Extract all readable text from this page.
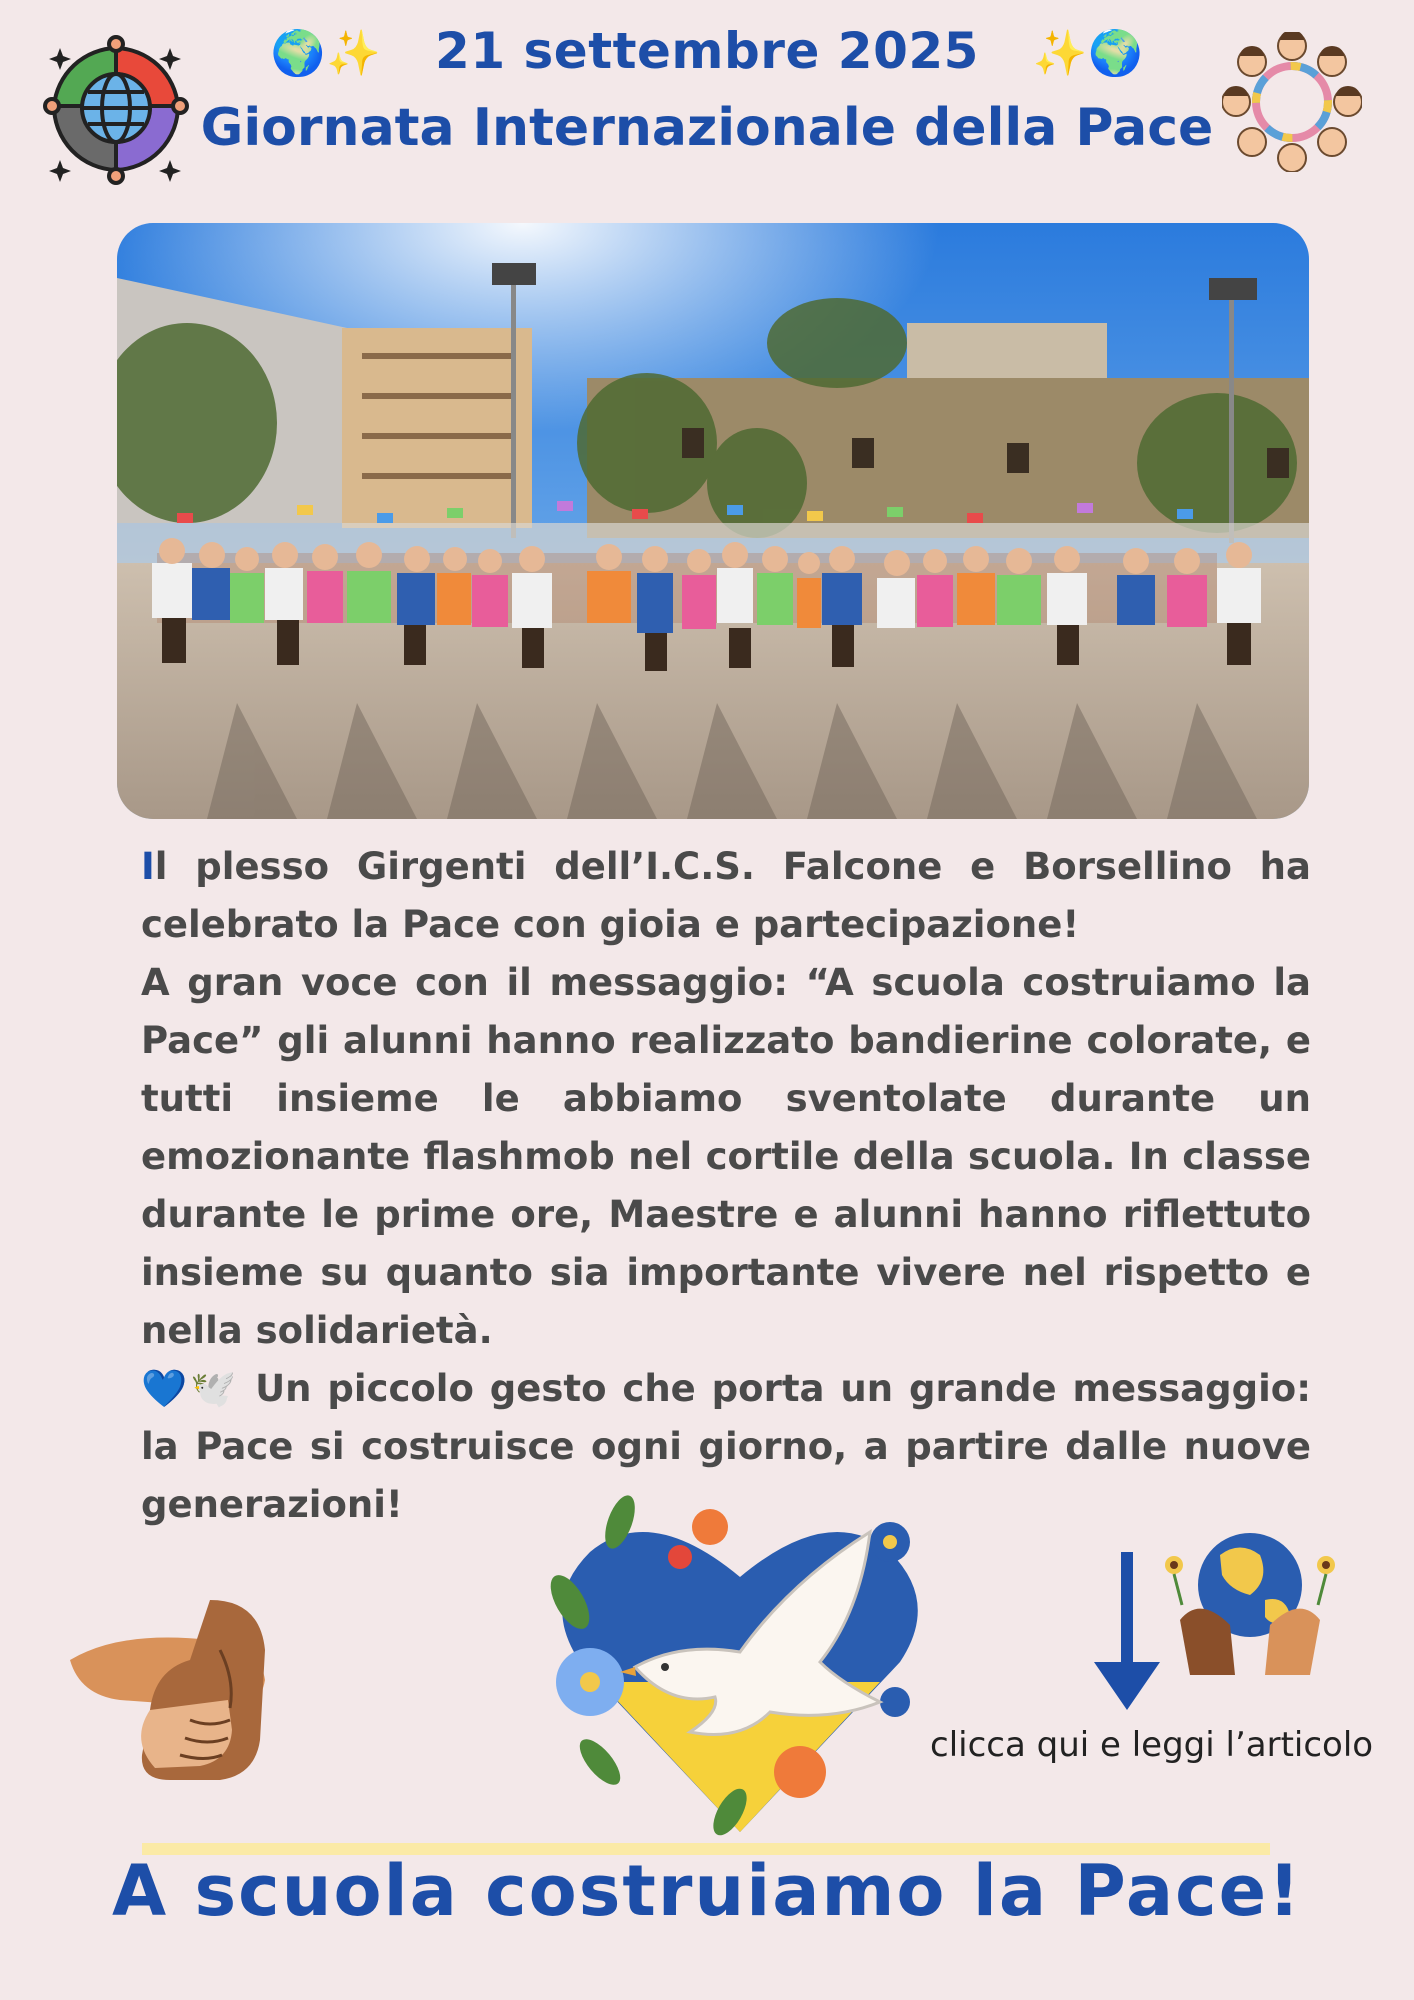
🌍✨ 21 settembre 2025 ✨🌍
Giornata Internazionale della Pace

Il plesso Girgenti dell’I.C.S. Falcone e Borsellino ha celebrato la Pace con gioia e partecipazione!

A gran voce con il messaggio: “A scuola costruiamo la Pace” gli alunni hanno realizzato bandierine colorate, e tutti insieme le abbiamo sventolate durante un emozionante flashmob nel cortile della scuola. In classe durante le prime ore, Maestre e alunni hanno riflettuto insieme su quanto sia importante vivere nel rispetto e nella solidarietà.

💙🕊️ Un piccolo gesto che porta un grande messaggio: la Pace si costruisce ogni giorno, a partire dalle nuove generazioni!

clicca qui e leggi l’articolo
A scuola costruiamo la Pace!
